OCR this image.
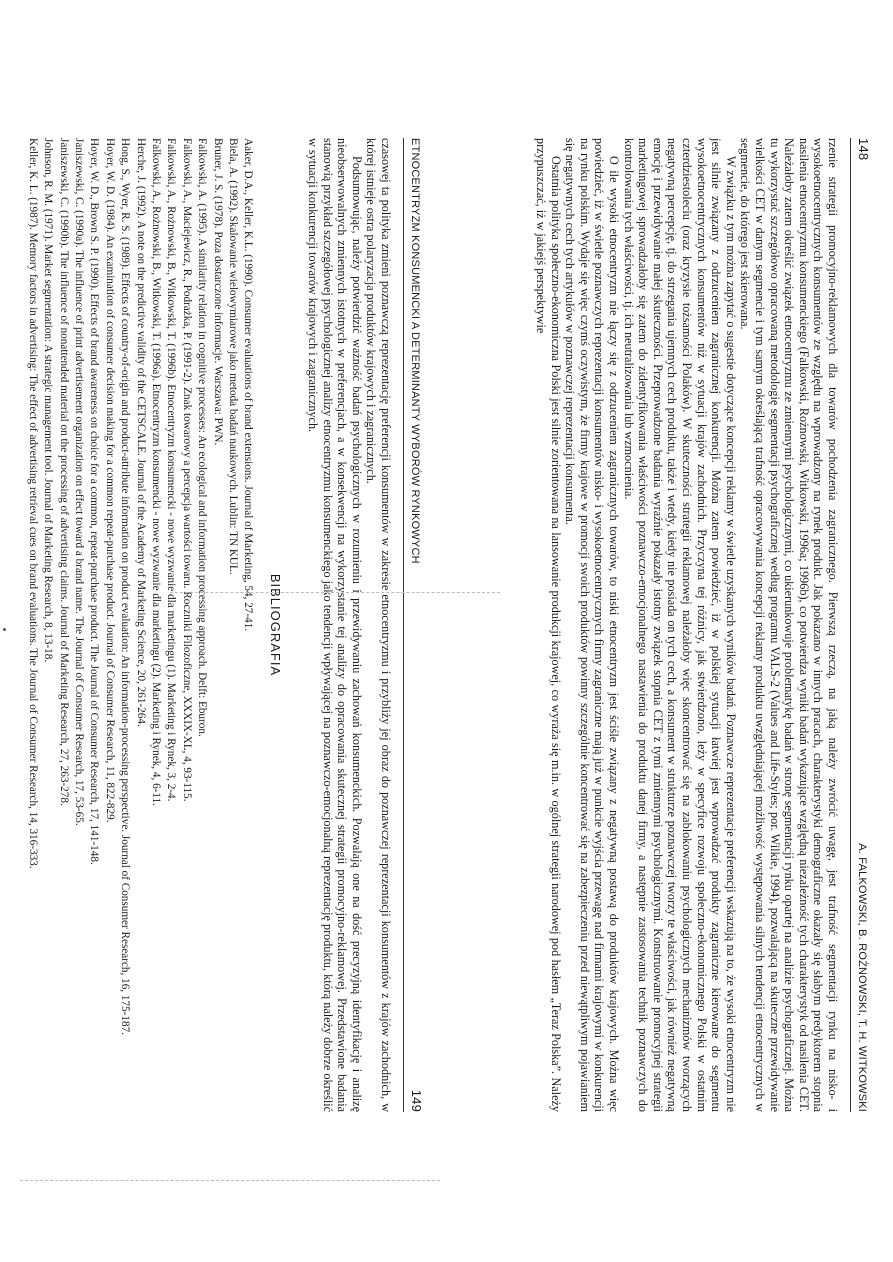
148
A. FALKOWSKI, B. ROŻNOWSKI, T. H. WITKOWSKI

rzenie strategii promocyjno-reklamowych dla towarów pochodzenia zagranicznego. Pierwszą rzeczą, na jaką należy zwrócić uwagę, jest trafność segmentacji rynku na nisko- i wysokoetnocentrycznych konsumentów ze względu na wprowadzony na rynek produkt. Jak pokazano w innych pracach, charakterystyki demograficzne okazały się słabym predyktorem stopnia nasilenia etnocentryzmu konsumenckiego (Falkowski, Rożnowski, Witkowski, 1996a; 1996b), co potwierdza wyniki badań wykazujące względną niezależność tych charakterystyk od nasilenia CET. Należałoby zatem określić związek etnocentryzmu ze zmiennymi psychologicznymi, co ukierunkowuje problematykę badań w stronę segmentacji rynku opartej na analizie psychograficznej. Można tu wykorzystać szczegółowo opracowaną metodologię segmentacji psychograficznej według programu VALS-2 (Values and Life-Styles; por. Wilkie, 1994), pozwalającą na skuteczne przewidywanie wielkości CET w danym segmencie i tym samym określającą trafność opracowywania koncepcji reklamy produktu uwzględniającej możliwość występowania silnych tendencji etnocentrycznych w segmencie, do którego jest skierowana.

W związku z tym można zapytać o sugestie dotyczące koncepcji reklamy w świetle uzyskanych wyników badań. Poznawcze reprezentacje preferencji wskazują na to, że wysoki etnocentryzm nie jest silnie związany z odrzuceniem zagranicznej konkurencji. Można zatem powiedzieć, iż w polskiej sytuacji łatwiej jest wprowadzać produkty zagraniczne kierowane do segmentu wysokoetnocentrycznych konsumentów niż w sytuacji krajów zachodnich. Przyczyna tej różnicy, jak stwierdzono, leży w specyfice rozwoju społeczno-ekonomicznego Polski w ostatnim czterdziestoleciu (oraz kryzysie tożsamości Polaków). W skuteczności strategii reklamowej należałoby więc skoncentrować się na zablokowaniu psychologicznych mechanizmów tworzących negatywną percepcję, tj. do strzegania ujemnych cech produktu, także i wtedy, kiedy nie posiada on tych cech, a konsument w strukturze poznawczej tworzy te właściwości, jak również negatywną emocję i przewidywanie małej skuteczności. Przeprowadzone badania wyraźnie pokazały istotny związek stopnia CET z tymi zmiennymi psychologicznymi. Konstruowanie promocyjnej strategii marketingowej sprowadzałoby się zatem do zidentyfikowania właściwości poznawczo-emocjonalnego nastawienia do produktu danej firmy, a następnie zastosowania technik poznawczych do kontrolowania tych właściwości, tj. ich neutralizowania lub wzmocnienia.

O ile wysoki etnocentryzm nie łączy się z odrzuceniem zagranicznych towarów, to niski etnocentryzm jest ściśle związany z negatywną postawą do produktów krajowych. Można więc powiedzieć, iż w świetle poznawczych reprezentacji konsumentów nisko- i wysokoetnocentrycznych firmy zagraniczne mają już w punkcie wyjścia przewagę nad firmami krajowymi w konkurencji na rynku polskim. Wydaje się więc czymś oczywistym, że firmy krajowe w promocji swoich produktów powinny szczególnie koncentrować się na zabezpieczeniu przed niewątpliwym pojawianiem się negatywnych cech tych artykułów w poznawczej reprezentacji konsumenta.

Ostatnia polityka społeczno-ekonomiczna Polski jest silnie zorientowana na lansowanie produkcji krajowej, co wyraża się m.in. w ogólnej strategii narodowej pod hasłem „Teraz Polska”. Należy przypuszczać, iż w jakiejś perspektywie

ETNOCENTRYZM KONSUMENCKI A DETERMINANTY WYBORÓW RYNKOWYCH
149

czasowej ta polityka zmieni poznawczą reprezentację preferencji konsumentów w zakresie etnocentryzmu i przybliży jej obraz do poznawczej reprezentacji konsumentów z krajów zachodnich, w której istnieje ostra polaryzacja produktów krajowych i zagranicznych.

Podsumowując, należy potwierdzić ważność badań psychologicznych w rozumieniu i przewidywaniu zachowań konsumenckich. Pozwalają one na dość precyzyjną identyfikację i analizę nieobserwowalnych zmiennych istotnych w preferencjach, a w konsekwencji na wykorzystanie tej analizy do opracowania skutecznej strategii promocyjno-reklamowej. Przedstawione badania stanowią przykład szczegółowej psychologicznej analizy etnocentryzmu konsumenckiego jako tendencji wpływającej na poznawczo-emocjonalną reprezentację produktu, którą należy dobrze określić w sytuacji konkurencji towarów krajowych i zagranicznych.

BIBLIOGRAFIA

Aaker, D.A., Keller, K.L. (1990). Consumer evaluations of brand extensions. Journal of Marketing, 54, 27-41.

Biela, A. (1992). Skalowanie wielowymiarowe jako metoda badań naukowych. Lublin: TN KUL.

Bruner, J. S. (1978). Poza dostarczone informacje. Warszawa: PWN.

Falkowski, A. (1995). A similarity relation in cognitive processes: An ecological and information processing approach. Delft: Eburon.

Falkowski, A., Maciejewicz, R., Podrażka, P. (1991-2). Znak towarowy a percepcja wartości towaru. Roczniki Filozoficzne, XXXIX-XL, 4, 93-115.

Falkowski, A., Rożnowski, B., Witkowski, T. (1996b). Etnocentryzm konsumencki - nowe wyzwanie dla marketingu (1). Marketing i Rynek, 3, 2-4.

Falkowski, A., Rożnowski, B., Witkowski, T. (1996a). Etnocentryzm konsumencki - nowe wyzwanie dla marketingu (2). Marketing i Rynek, 4, 6-11.

Herche, J. (1992). A note on the predictive validity of the CETSCALE. Journal of the Academy of Marketing Science, 20, 261-264.

Hong, S., Wyer, R. S. (1989). Effects of country-of-origin and product-attribute information on product evaluation: An information-processing perspective. Journal of Consumer Research, 16, 175-187.

Hoyer, W. D. (1984). An examination of consumer decision making for a common repeat-purchase product. Journal of Consumer Research, 11, 822-829.

Hoyer, W. D., Brown S. P. (1990). Effects of brand awareness on choice for a common, repeat-purchase product. The Journal of Consumer Research, 17, 141-148.

Janiszewski, C. (1990a). The influence of print advertisement organization on effect toward a brand name. The Journal of Consumer Research, 17, 53-65.

Janiszewski, C. (1990b). The influence of nonattended material on the processing of advertising claims. Journal of Marketing Research, 27, 263-278.

Johnson, R. M. (1971). Market segmentation: A strategic management tool. Journal of Marketing Research, 8, 13-18.

Keller, K. L. (1987). Memory factors in advertising: The effect of advertising retrieval cues on brand evaluations. The Journal of Consumer Research, 14, 316-333.
